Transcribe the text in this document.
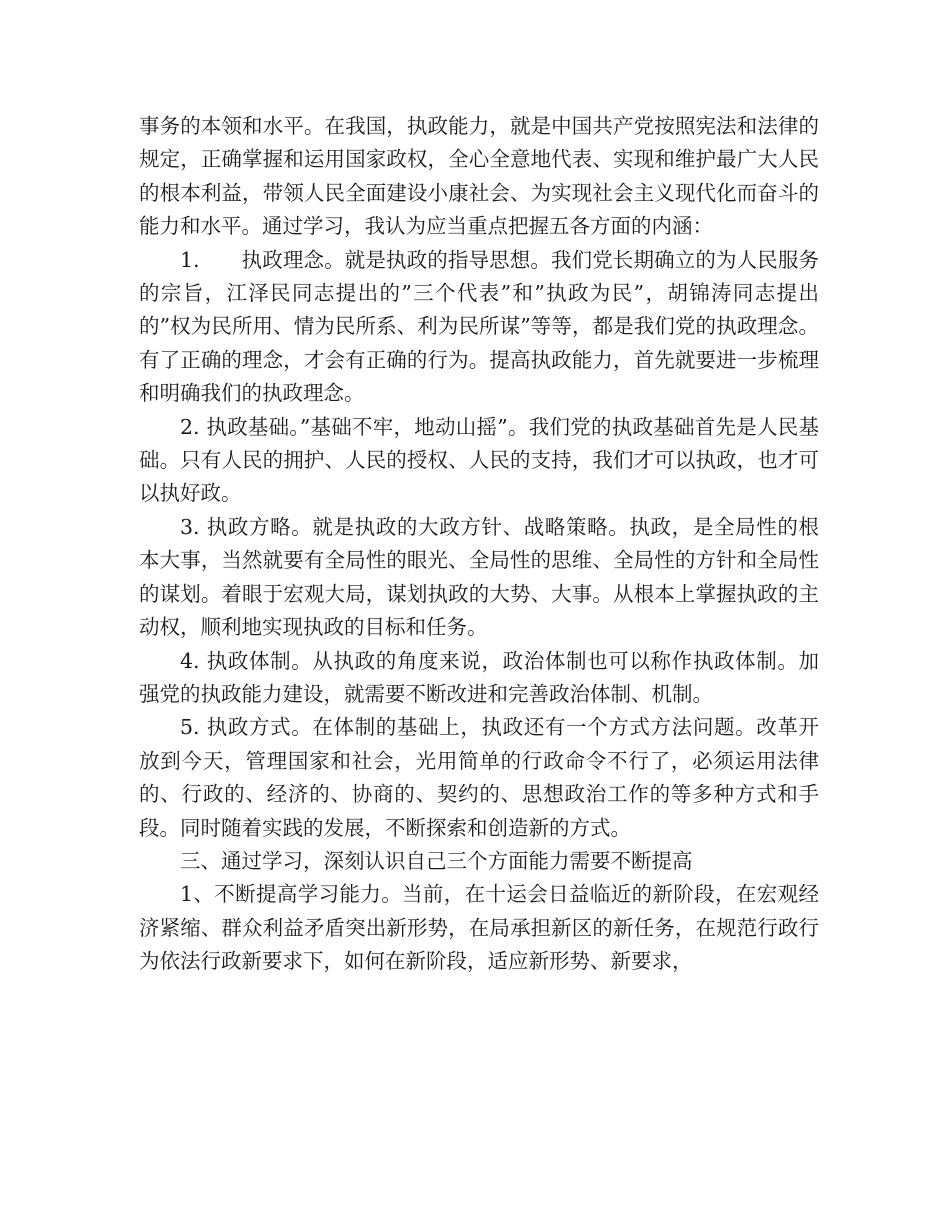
事务的本领和水平。在我国，执政能力，就是中国共产党按照宪法和法律的规定，正确掌握和运用国家政权，全心全意地代表、实现和维护最广大人民的根本利益，带领人民全面建设小康社会、为实现社会主义现代化而奋斗的能力和水平。通过学习，我认为应当重点把握五各方面的内涵：

1. 执政理念。就是执政的指导思想。我们党长期确立的为人民服务的宗旨，江泽民同志提出的”三个代表”和”执政为民”，胡锦涛同志提出的”权为民所用、情为民所系、利为民所谋”等等，都是我们党的执政理念。有了正确的理念，才会有正确的行为。提高执政能力，首先就要进一步梳理和明确我们的执政理念。

2. 执政基础。”基础不牢，地动山摇”。我们党的执政基础首先是人民基础。只有人民的拥护、人民的授权、人民的支持，我们才可以执政，也才可以执好政。

3. 执政方略。就是执政的大政方针、战略策略。执政，是全局性的根本大事，当然就要有全局性的眼光、全局性的思维、全局性的方针和全局性的谋划。着眼于宏观大局，谋划执政的大势、大事。从根本上掌握执政的主动权，顺利地实现执政的目标和任务。

4. 执政体制。从执政的角度来说，政治体制也可以称作执政体制。加强党的执政能力建设，就需要不断改进和完善政治体制、机制。

5. 执政方式。在体制的基础上，执政还有一个方式方法问题。改革开放到今天，管理国家和社会，光用简单的行政命令不行了，必须运用法律的、行政的、经济的、协商的、契约的、思想政治工作的等多种方式和手段。同时随着实践的发展，不断探索和创造新的方式。

三、通过学习，深刻认识自己三个方面能力需要不断提高

1、不断提高学习能力。当前，在十运会日益临近的新阶段，在宏观经济紧缩、群众利益矛盾突出新形势，在局承担新区的新任务，在规范行政行为依法行政新要求下，如何在新阶段，适应新形势、新要求，
